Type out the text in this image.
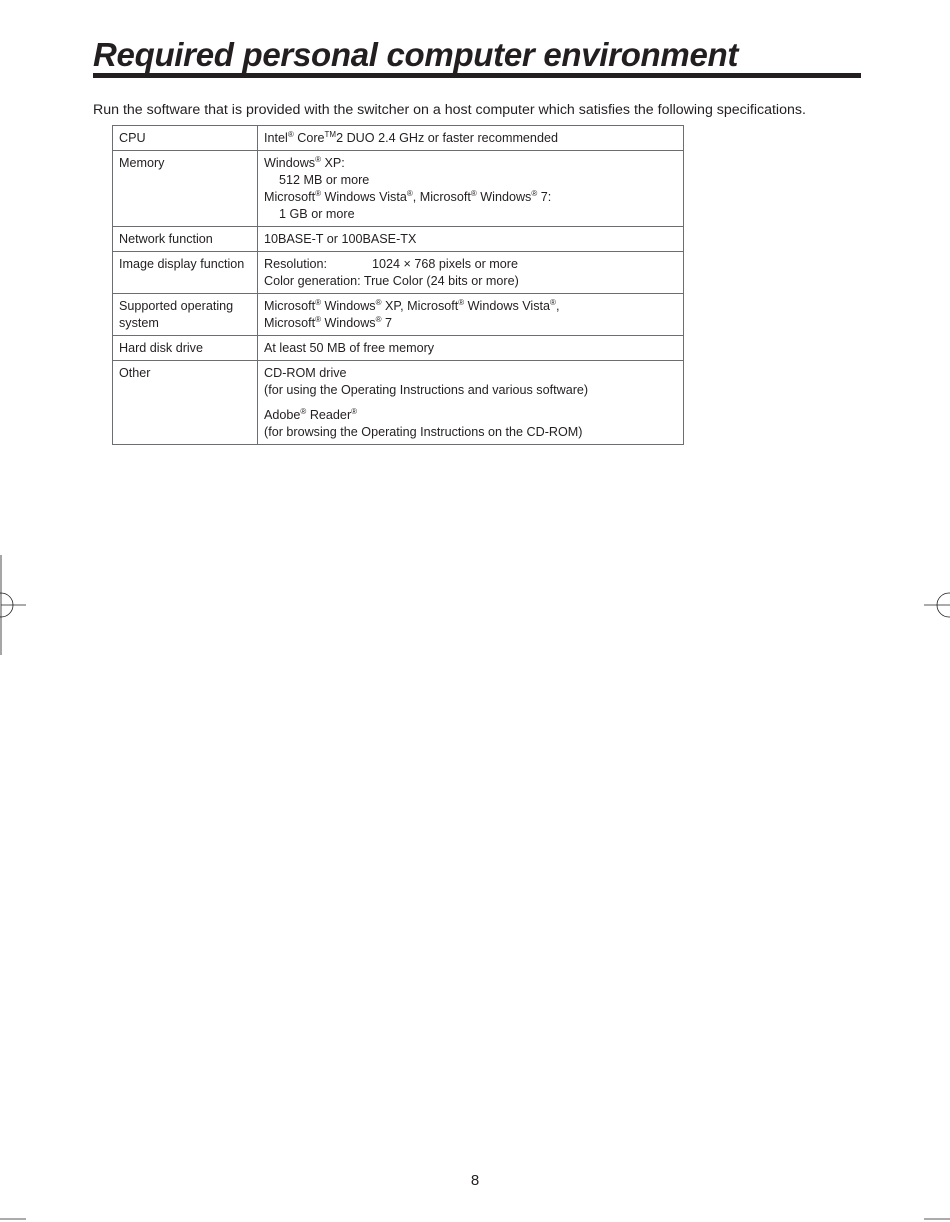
Required personal computer environment

Run the software that is provided with the switcher on a host computer which satisfies the following specifications.

CPU	Intel® Core™2 DUO 2.4 GHz or faster recommended

Memory	Windows® XP:
512 MB or more
Microsoft® Windows Vista®, Microsoft® Windows® 7:
1 GB or more

Network function	10BASE-T or 100BASE-TX
Image display function	Resolution: 1024 × 768 pixels or more
Color generation: True Color (24 bits or more)

Supported operating system	Microsoft® Windows® XP, Microsoft® Windows Vista®,
Microsoft® Windows® 7

Hard disk drive	At least 50 MB of free memory
Other	CD-ROM drive
(for using the Operating Instructions and various software)
Adobe® Reader®
(for browsing the Operating Instructions on the CD-ROM)
8
